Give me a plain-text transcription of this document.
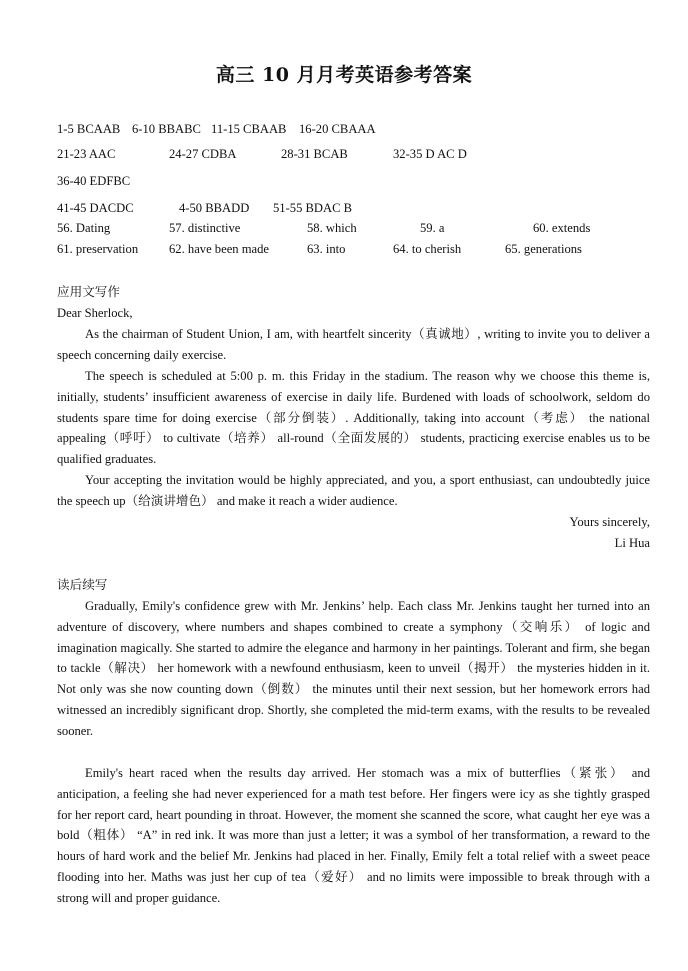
高三 10 月月考英语参考答案
1-5 BCAAB 6-10 BBABC 11-15 CBAAB 16-20 CBAAA
21-23 AAC	24-27 CDBA	28-31 BCAB	32-35 D AC D
36-40 EDFBC
41-45 DACDC	4-50 BBADD 51-55 BDAC B
56. Dating	57. distinctive	58. which	59. a	60. extends
61. preservation 62. have been made	63. into	64. to cherish	65. generations
应用文写作
Dear Sherlock,
As the chairman of Student Union, I am, with heartfelt sincerity（真诚地）, writing to invite you to deliver a speech concerning daily exercise.
The speech is scheduled at 5:00 p. m. this Friday in the stadium. The reason why we choose this theme is, initially, students’ insufficient awareness of exercise in daily life. Burdened with loads of schoolwork, seldom do students spare time for doing exercise（部分倒装）. Additionally, taking into account（考虑） the national appealing（呼吁） to cultivate（培养） all-round（全面发展的） students, practicing exercise enables us to be qualified graduates.
Your accepting the invitation would be highly appreciated, and you, a sport enthusiast, can undoubtedly juice the speech up（给演讲增色） and make it reach a wider audience.
Yours sincerely,
Li Hua
读后续写
Gradually, Emily's confidence grew with Mr. Jenkins’ help. Each class Mr. Jenkins taught her turned into an adventure of discovery, where numbers and shapes combined to create a symphony（交响乐） of logic and imagination magically. She started to admire the elegance and harmony in her paintings. Tolerant and firm, she began to tackle（解决） her homework with a newfound enthusiasm, keen to unveil（揭开） the mysteries hidden in it. Not only was she now counting down（倒数） the minutes until their next session, but her homework errors had witnessed an incredibly significant drop. Shortly, she completed the mid-term exams, with the results to be revealed sooner.
Emily's heart raced when the results day arrived. Her stomach was a mix of butterflies（紧张） and anticipation, a feeling she had never experienced for a math test before. Her fingers were icy as she tightly grasped for her report card, heart pounding in throat. However, the moment she scanned the score, what caught her eye was a bold（粗体） “A” in red ink. It was more than just a letter; it was a symbol of her transformation, a reward to the hours of hard work and the belief Mr. Jenkins had placed in her. Finally, Emily felt a total relief with a sweet peace flooding into her. Maths was just her cup of tea（爱好） and no limits were impossible to break through with a strong will and proper guidance.
